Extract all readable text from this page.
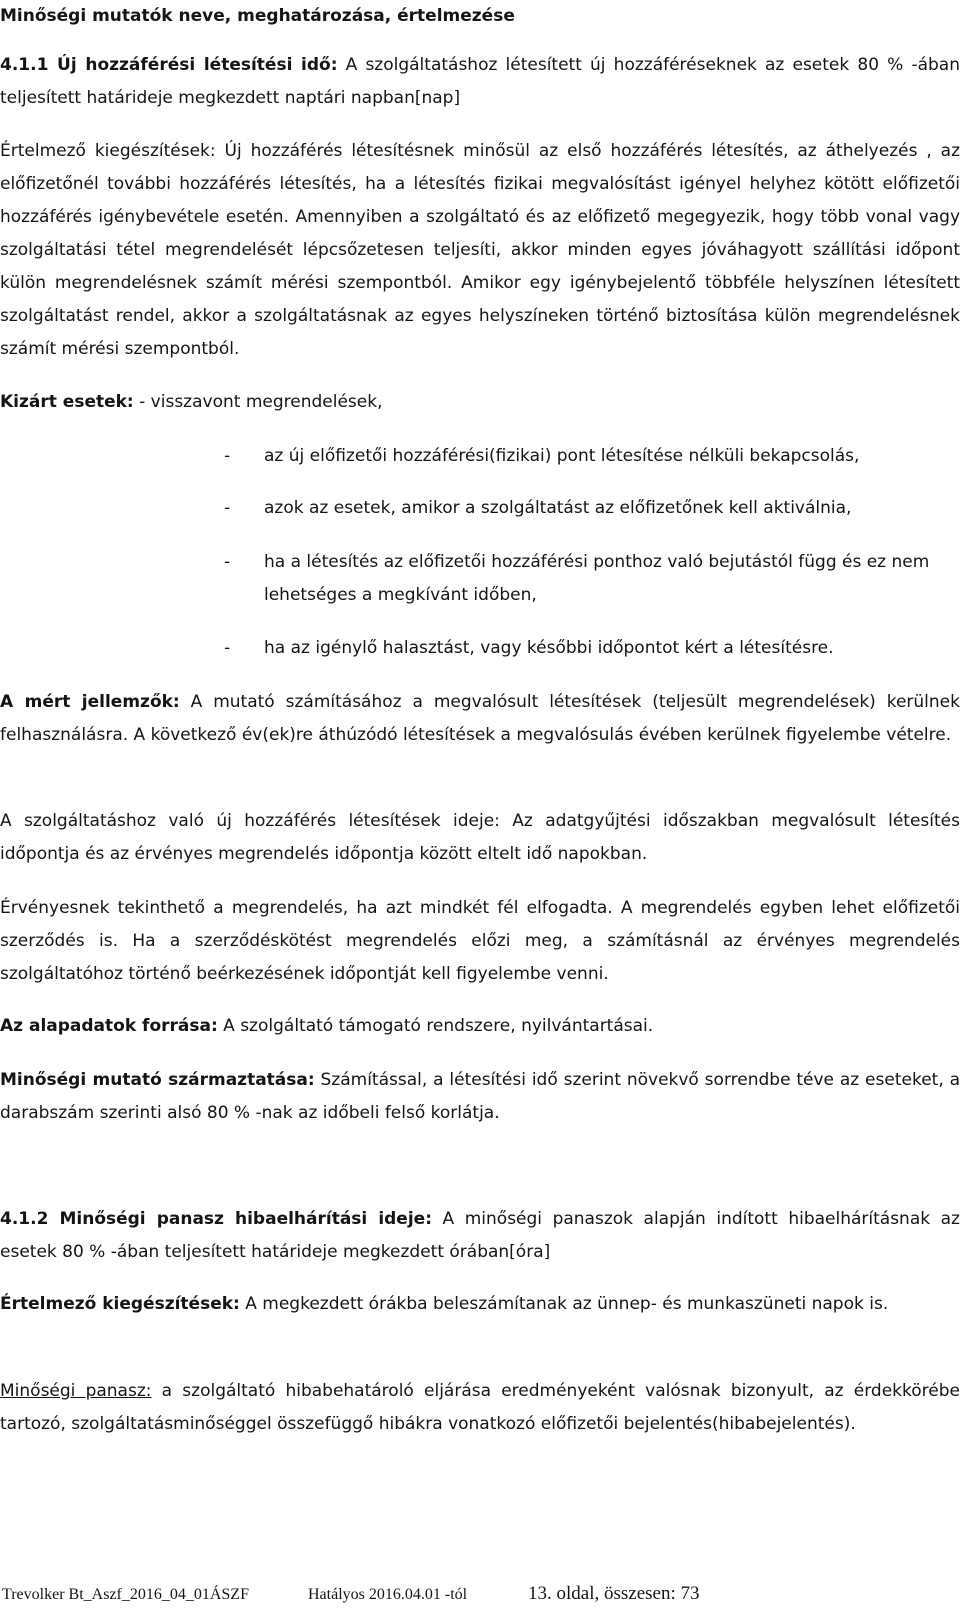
Minőségi mutatók neve, meghatározása, értelmezése

4.1.1 Új hozzáférési létesítési idő: A szolgáltatáshoz létesített új hozzáféréseknek az esetek 80 % -ában teljesített határideje megkezdett naptári napban[nap]

Értelmező kiegészítések: Új hozzáférés létesítésnek minősül az első hozzáférés létesítés, az áthelyezés , az előfizetőnél további hozzáférés létesítés, ha a létesítés fizikai megvalósítást igényel helyhez kötött előfizetői hozzáférés igénybevétele esetén. Amennyiben a szolgáltató és az előfizető megegyezik, hogy több vonal vagy szolgáltatási tétel megrendelését lépcsőzetesen teljesíti, akkor minden egyes jóváhagyott szállítási időpont külön megrendelésnek számít mérési szempontból. Amikor egy igénybejelentő többféle helyszínen létesített szolgáltatást rendel, akkor a szolgáltatásnak az egyes helyszíneken történő biztosítása külön megrendelésnek számít mérési szempontból.

Kizárt esetek: - visszavont megrendelések,

- az új előfizetői hozzáférési(fizikai) pont létesítése nélküli bekapcsolás,
- azok az esetek, amikor a szolgáltatást az előfizetőnek kell aktiválnia,
- ha a létesítés az előfizetői hozzáférési ponthoz való bejutástól függ és ez nem lehetséges a megkívánt időben,
- ha az igénylő halasztást, vagy későbbi időpontot kért a létesítésre.

A mért jellemzők: A mutató számításához a megvalósult létesítések (teljesült megrendelések) kerülnek felhasználásra. A következő év(ek)re áthúzódó létesítések a megvalósulás évében kerülnek figyelembe vételre.

A szolgáltatáshoz való új hozzáférés létesítések ideje: Az adatgyűjtési időszakban megvalósult létesítés időpontja és az érvényes megrendelés időpontja között eltelt idő napokban.

Érvényesnek tekinthető a megrendelés, ha azt mindkét fél elfogadta. A megrendelés egyben lehet előfizetői szerződés is. Ha a szerződéskötést megrendelés előzi meg, a számításnál az érvényes megrendelés szolgáltatóhoz történő beérkezésének időpontját kell figyelembe venni.

Az alapadatok forrása: A szolgáltató támogató rendszere, nyilvántartásai.

Minőségi mutató származtatása: Számítással, a létesítési idő szerint növekvő sorrendbe téve az eseteket, a darabszám szerinti alsó 80 % -nak az időbeli felső korlátja.

4.1.2 Minőségi panasz hibaelhárítási ideje: A minőségi panaszok alapján indított hibaelhárításnak az esetek 80 % -ában teljesített határideje megkezdett órában[óra]

Értelmező kiegészítések: A megkezdett órákba beleszámítanak az ünnep- és munkaszüneti napok is.

Minőségi panasz: a szolgáltató hibabehatároló eljárása eredményeként valósnak bizonyult, az érdekkörébe tartozó, szolgáltatásminőséggel összefüggő hibákra vonatkozó előfizetői bejelentés(hibabejelentés).

Trevolker Bt_Aszf_2016_04_01ÁSZF	Hatályos 2016.04.01 -tól	13. oldal, összesen: 73
